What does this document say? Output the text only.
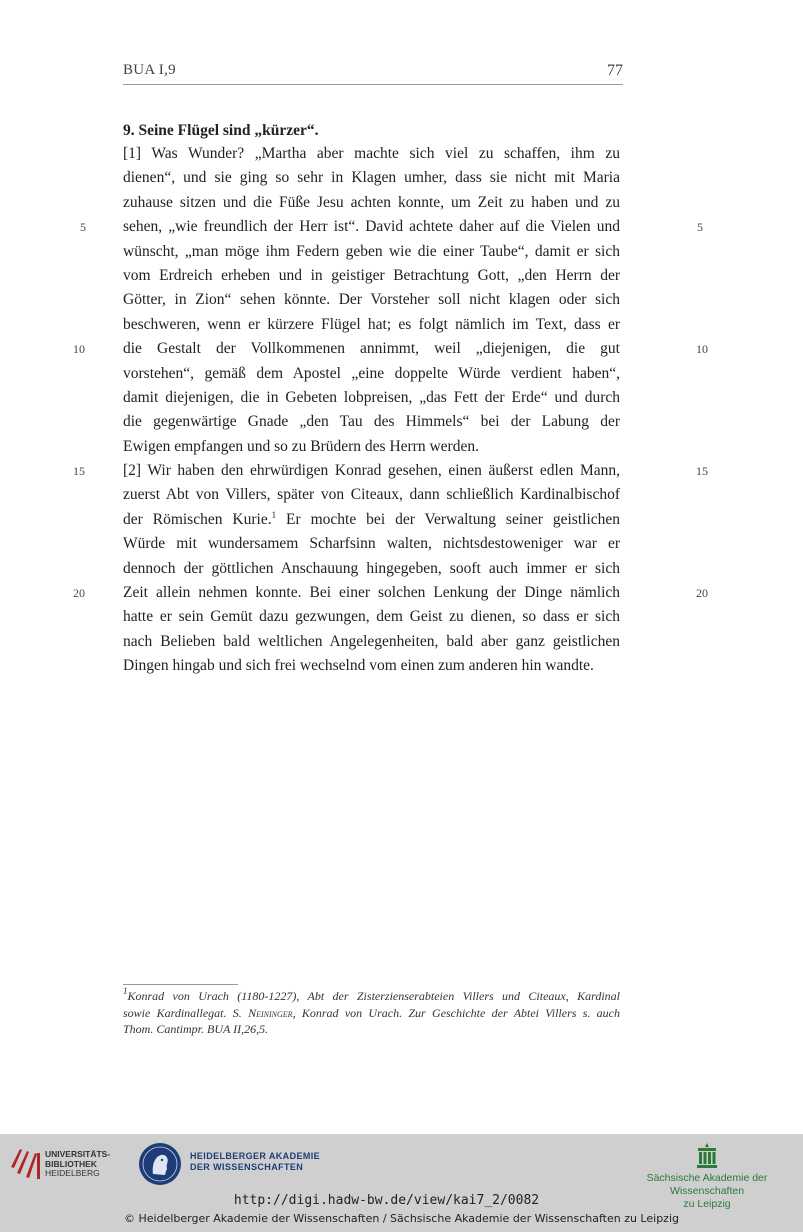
BUA I,9	77
9. Seine Flügel sind „kürzer“.
[1] Was Wunder? „Martha aber machte sich viel zu schaffen, ihm zu
dienen“, und sie ging so sehr in Klagen umher, dass sie nicht mit Maria
zuhause sitzen und die Füße Jesu achten konnte, um Zeit zu haben und zu
sehen, „wie freundlich der Herr ist“. David achtete daher auf die Vielen und
wünscht, „man möge ihm Federn geben wie die einer Taube“, damit er sich
vom Erdreich erheben und in geistiger Betrachtung Gott, „den Herrn der
Götter, in Zion“ sehen könnte. Der Vorsteher soll nicht klagen oder sich
beschweren, wenn er kürzere Flügel hat; es folgt nämlich im Text, dass er
die Gestalt der Vollkommenen annimmt, weil „diejenigen, die gut
vorstehen“, gemäß dem Apostel „eine doppelte Würde verdient haben“,
damit diejenigen, die in Gebeten lobpreisen, „das Fett der Erde“ und durch
die gegenwärtige Gnade „den Tau des Himmels“ bei der Labung der
Ewigen empfangen und so zu Brüdern des Herrn werden.
[2] Wir haben den ehrwürdigen Konrad gesehen, einen äußerst edlen Mann,
zuerst Abt von Villers, später von Citeaux, dann schließlich Kardinalbischof
der Römischen Kurie.$^1$ Er mochte bei der Verwaltung seiner geistlichen
Würde mit wundersamem Scharfsinn walten, nichtsdestoweniger war er
dennoch der göttlichen Anschauung hingegeben, sooft auch immer er sich
Zeit allein nehmen konnte. Bei einer solchen Lenkung der Dinge nämlich
hatte er sein Gemüt dazu gezwungen, dem Geist zu dienen, so dass er sich
nach Belieben bald weltlichen Angelegenheiten, bald aber ganz geistlichen
Dingen hingab und sich frei wechselnd vom einen zum anderen hin wandte.
5	5
10	10
15	15
20	20
$^1$Konrad von Urach (1180-1227), Abt der Zisterzienserabteien Villers und Citeaux, Kardinal
sowie Kardinallegat. S. Neininger, Konrad von Urach. Zur Geschichte der Abtei Villers s. auch
Thom. Cantimpr. BUA II,26,5.
UNIVERSITÄTS-
BIBLIOTHEK
HEIDELBERG
HEIDELBERGER AKADEMIE
DER WISSENSCHAFTEN
Sächsische Akademie der Wissenschaften
zu Leipzig
http://digi.hadw-bw.de/view/kai7_2/0082
© Heidelberger Akademie der Wissenschaften / Sächsische Akademie der Wissenschaften zu Leipzig
